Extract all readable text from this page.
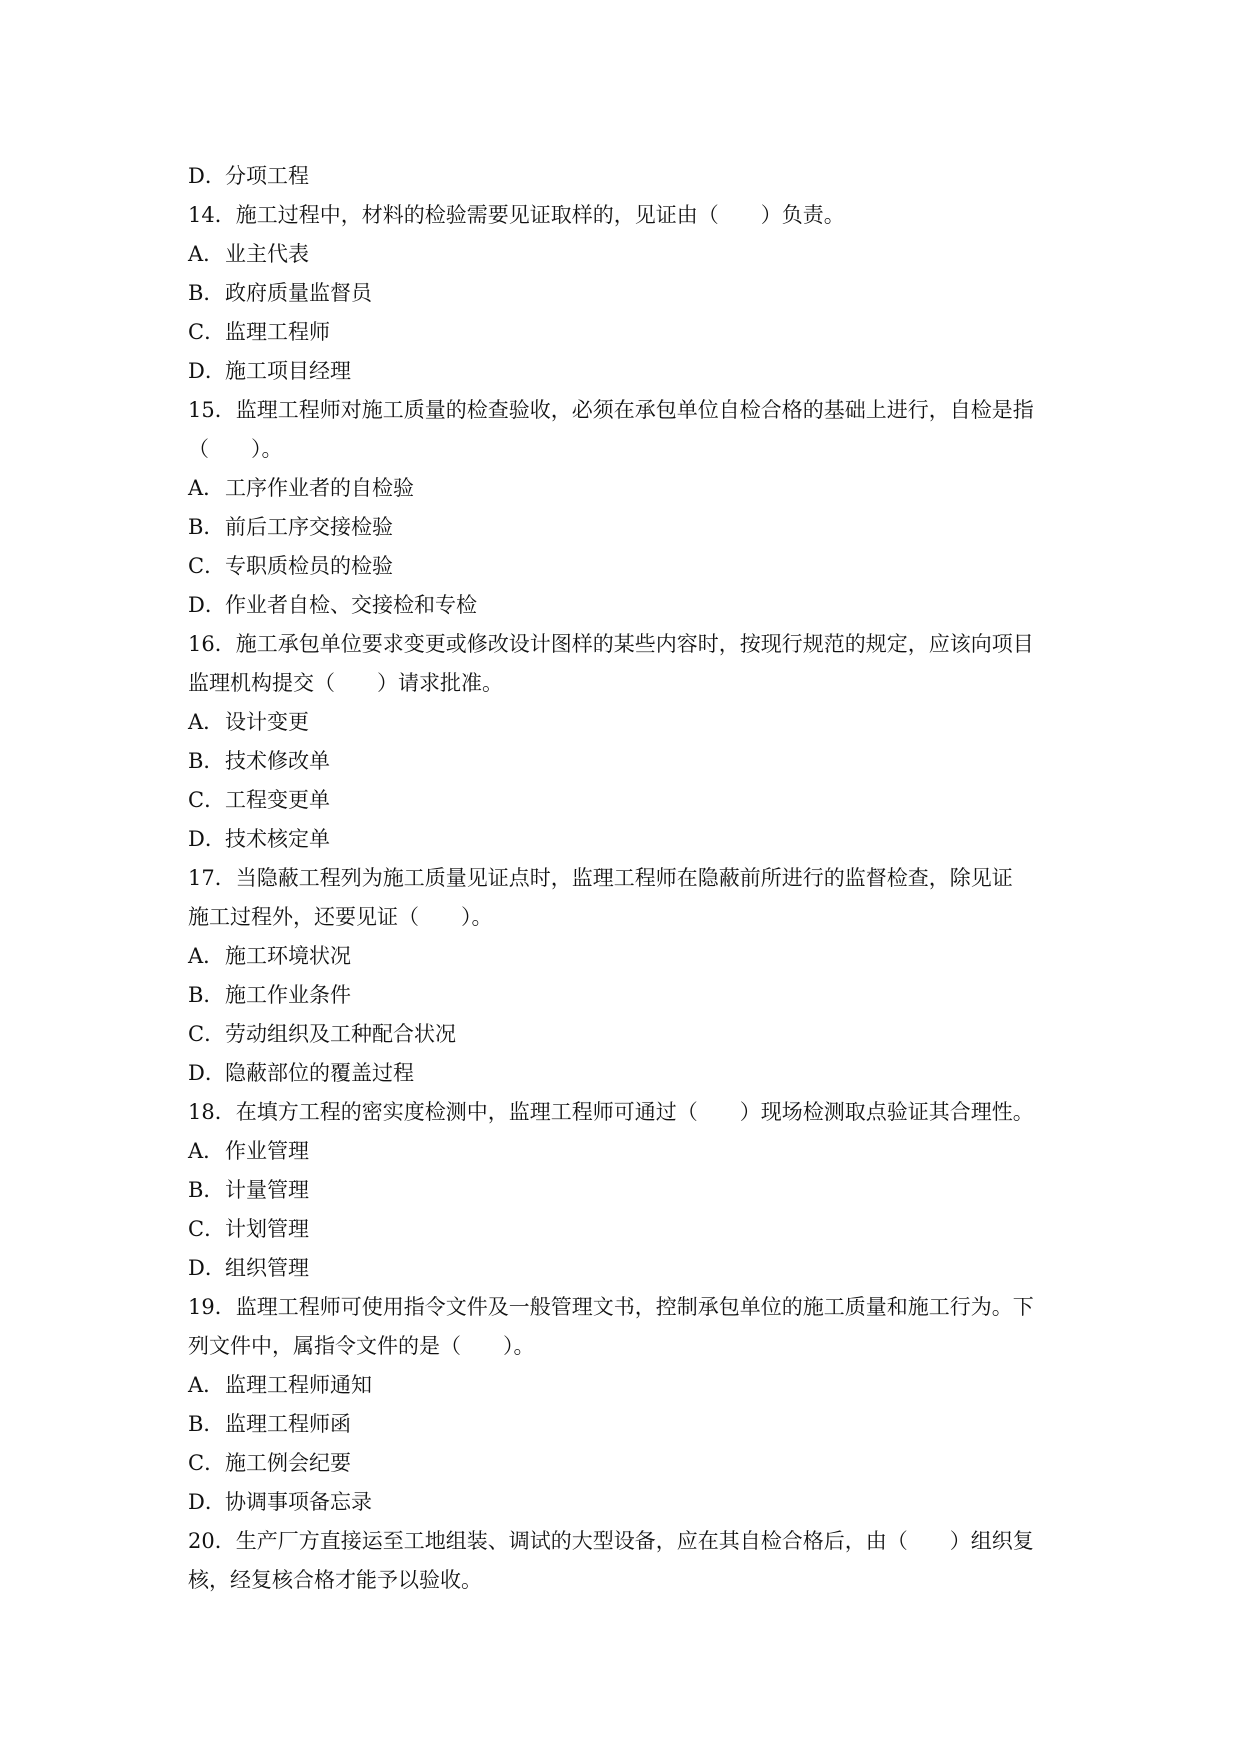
D．分项工程
14．施工过程中，材料的检验需要见证取样的，见证由（　　）负责。
A．业主代表
B．政府质量监督员
C．监理工程师
D．施工项目经理
15．监理工程师对施工质量的检查验收，必须在承包单位自检合格的基础上进行，自检是指
（　　）。
A．工序作业者的自检验
B．前后工序交接检验
C．专职质检员的检验
D．作业者自检、交接检和专检
16．施工承包单位要求变更或修改设计图样的某些内容时，按现行规范的规定，应该向项目
监理机构提交（　　）请求批准。
A．设计变更
B．技术修改单
C．工程变更单
D．技术核定单
17．当隐蔽工程列为施工质量见证点时，监理工程师在隐蔽前所进行的监督检查，除见证
施工过程外，还要见证（　　）。
A．施工环境状况
B．施工作业条件
C．劳动组织及工种配合状况
D．隐蔽部位的覆盖过程
18．在填方工程的密实度检测中，监理工程师可通过（　　）现场检测取点验证其合理性。
A．作业管理
B．计量管理
C．计划管理
D．组织管理
19．监理工程师可使用指令文件及一般管理文书，控制承包单位的施工质量和施工行为。下
列文件中，属指令文件的是（　　）。
A．监理工程师通知
B．监理工程师函
C．施工例会纪要
D．协调事项备忘录
20．生产厂方直接运至工地组装、调试的大型设备，应在其自检合格后，由（　　）组织复
核，经复核合格才能予以验收。
